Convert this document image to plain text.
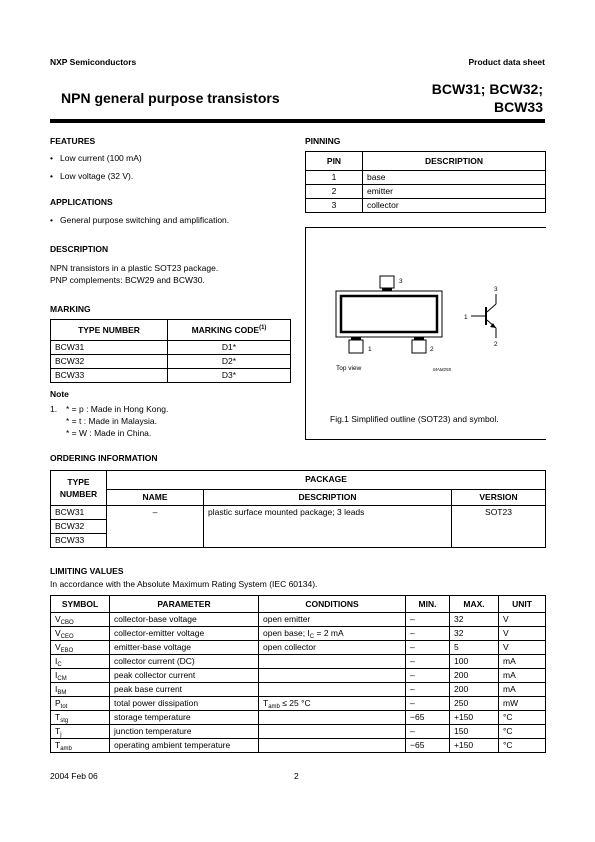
NXP Semiconductors	Product data sheet
NPN general purpose transistors
BCW31; BCW32;
BCW33
FEATURES
• Low current (100 mA)
• Low voltage (32 V).
APPLICATIONS
• General purpose switching and amplification.
DESCRIPTION
NPN transistors in a plastic SOT23 package.
PNP complements: BCW29 and BCW30.
MARKING
TYPE NUMBER	MARKING CODE$^{(1)}$
BCW31	D1*
BCW32	D2*
BCW33	D3*
Note
1. * = p : Made in Hong Kong.
* = t : Made in Malaysia.
* = W : Made in China.
PINNING
PIN	DESCRIPTION
1	base
2	emitter
3	collector
3
1	2
Top view	MAM255
3
1
2
Fig.1 Simplified outline (SOT23) and symbol.
ORDERING INFORMATION
TYPE NUMBER	PACKAGE		
	NAME	DESCRIPTION	VERSION
BCW31	–	plastic surface mounted package; 3 leads	SOT23
BCW32			
BCW33			
LIMITING VALUES
In accordance with the Absolute Maximum Rating System (IEC 60134).
SYMBOL	PARAMETER	CONDITIONS	MIN.	MAX.	UNIT
$V_{CBO}$	collector-base voltage	open emitter	–	32	V
$V_{CEO}$	collector-emitter voltage	open base; $I_C = 2$ mA	–	32	V
$V_{EBO}$	emitter-base voltage	open collector	–	5	V
$I_C$	collector current (DC)		–	100	mA
$I_{CM}$	peak collector current		–	200	mA
$I_{BM}$	peak base current		–	200	mA
$P_{tot}$	total power dissipation	$T_{amb} \le 25$ °C	–	250	mW
$T_{stg}$	storage temperature		−65	+150	°C
$T_j$	junction temperature		–	150	°C
$T_{amb}$	operating ambient temperature		−65	+150	°C
2004 Feb 06	2
